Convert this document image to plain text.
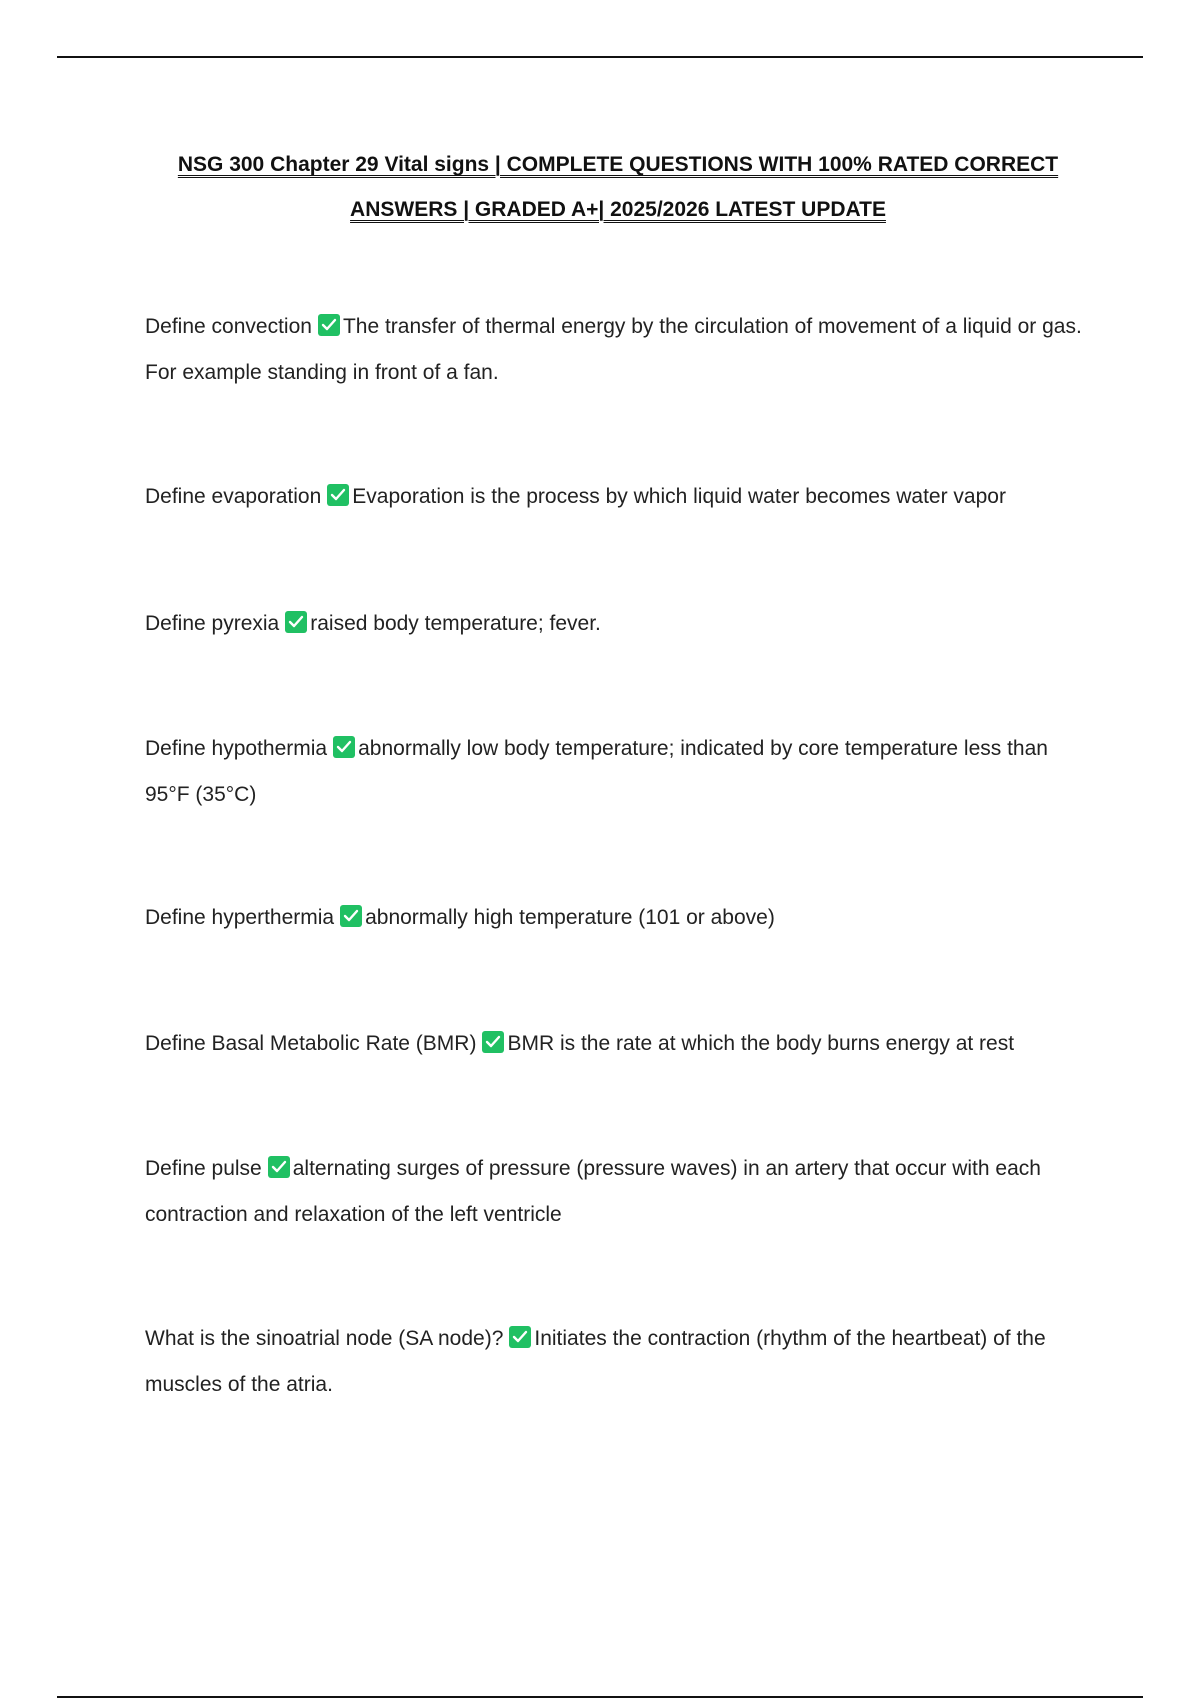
NSG 300 Chapter 29 Vital signs | COMPLETE QUESTIONS WITH 100% RATED CORRECT
ANSWERS | GRADED A+| 2025/2026 LATEST UPDATE
Define convection The transfer of thermal energy by the circulation of movement of a liquid or gas. For example standing in front of a fan.
Define evaporation Evaporation is the process by which liquid water becomes water vapor
Define pyrexia raised body temperature; fever.
Define hypothermia abnormally low body temperature; indicated by core temperature less than 95°F (35°C)
Define hyperthermia abnormally high temperature (101 or above)
Define Basal Metabolic Rate (BMR) BMR is the rate at which the body burns energy at rest
Define pulse alternating surges of pressure (pressure waves) in an artery that occur with each contraction and relaxation of the left ventricle
What is the sinoatrial node (SA node)? Initiates the contraction (rhythm of the heartbeat) of the muscles of the atria.
